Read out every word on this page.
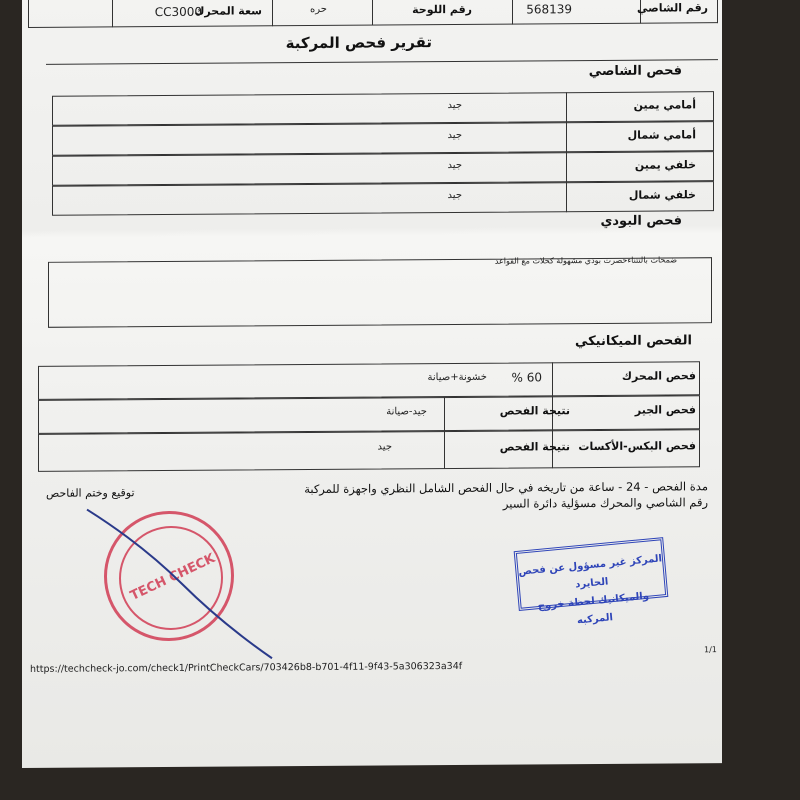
رقم الشاصي
568139
رقم اللوحة
حره
سعة المحرك
CC3000
تقرير فحص المركبة
فحص الشاصي
أمامي يمين
جيد
أمامي شمال
جيد
خلفي يمين
جيد
خلفي شمال
جيد
فحص البودي
ضمحات بالتتناءحصرت بودي مشهولة كحلات مع القواعد
الفحص الميكانيكي
فحص المحرك
60 %
خشونة+صيانة
فحص الجير
نتيجة الفحص
جيد-صيانة
فحص البكس-الأكسات
نتيجة الفحص
جيد
مدة الفحص - 24 - ساعة من تاريخه في حال الفحص الشامل النظري واجهزة للمركبة
رقم الشاصي والمحرك مسؤلية دائرة السير
توقيع وختم الفاحص
TECH CHECK	المركز غير مسؤول عن فحص الحايرد
والميكانيك لحظة خروج المركبه
1/1
https://techcheck-jo.com/check1/PrintCheckCars/703426b8-b701-4f11-9f43-5a306323a34f
